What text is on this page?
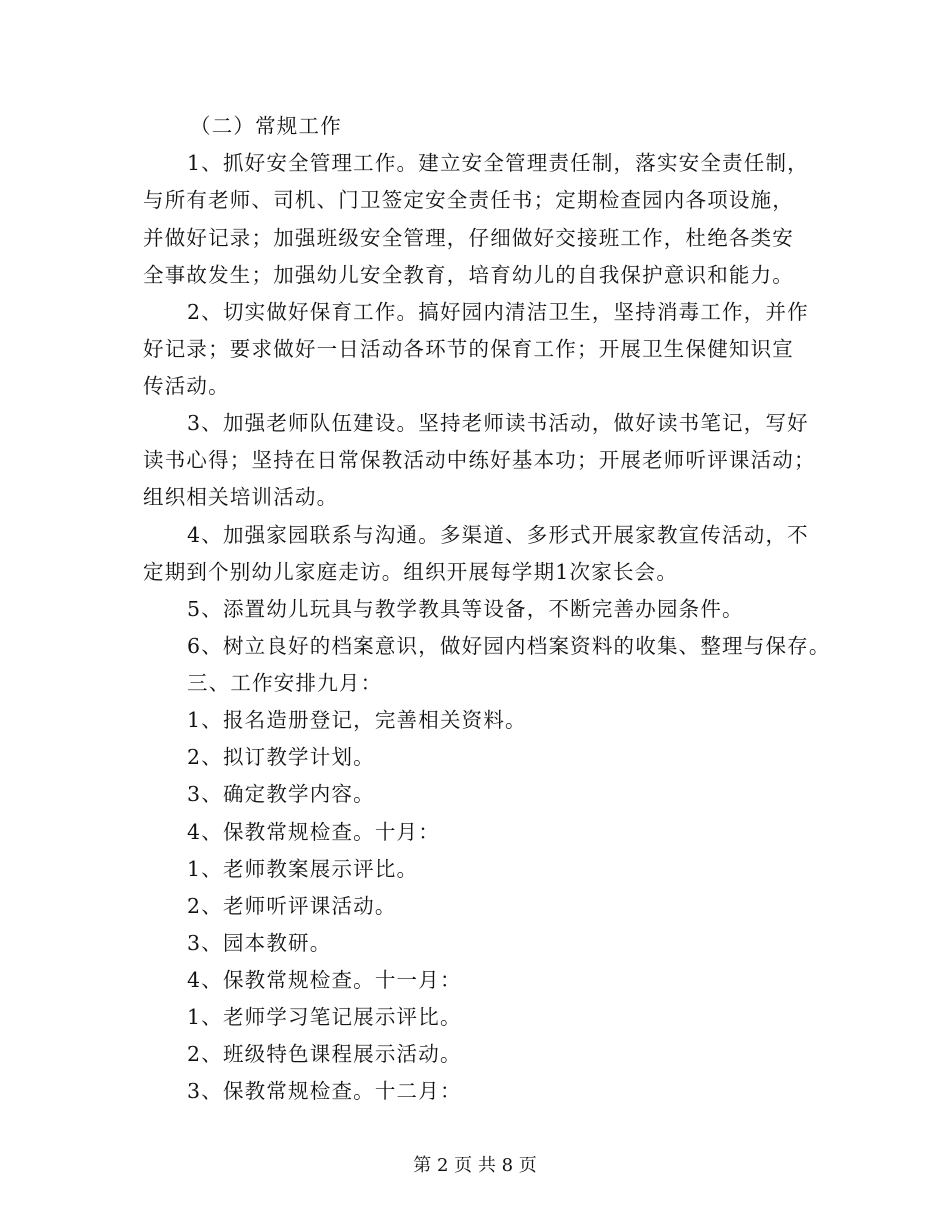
（二）常规工作
1、抓好安全管理工作。建立安全管理责任制，落实安全责任制，
与所有老师、司机、门卫签定安全责任书；定期检查园内各项设施，
并做好记录；加强班级安全管理，仔细做好交接班工作，杜绝各类安
全事故发生；加强幼儿安全教育，培育幼儿的自我保护意识和能力。
2、切实做好保育工作。搞好园内清洁卫生，坚持消毒工作，并作
好记录；要求做好一日活动各环节的保育工作；开展卫生保健知识宣
传活动。
3、加强老师队伍建设。坚持老师读书活动，做好读书笔记，写好
读书心得；坚持在日常保教活动中练好基本功；开展老师听评课活动；
组织相关培训活动。
4、加强家园联系与沟通。多渠道、多形式开展家教宣传活动，不
定期到个别幼儿家庭走访。组织开展每学期1次家长会。
5、添置幼儿玩具与教学教具等设备，不断完善办园条件。
6、树立良好的档案意识，做好园内档案资料的收集、整理与保存。
三、工作安排九月：
1、报名造册登记，完善相关资料。
2、拟订教学计划。
3、确定教学内容。
4、保教常规检查。十月：
1、老师教案展示评比。
2、老师听评课活动。
3、园本教研。
4、保教常规检查。十一月：
1、老师学习笔记展示评比。
2、班级特色课程展示活动。
3、保教常规检查。十二月：
第 2 页 共 8 页
